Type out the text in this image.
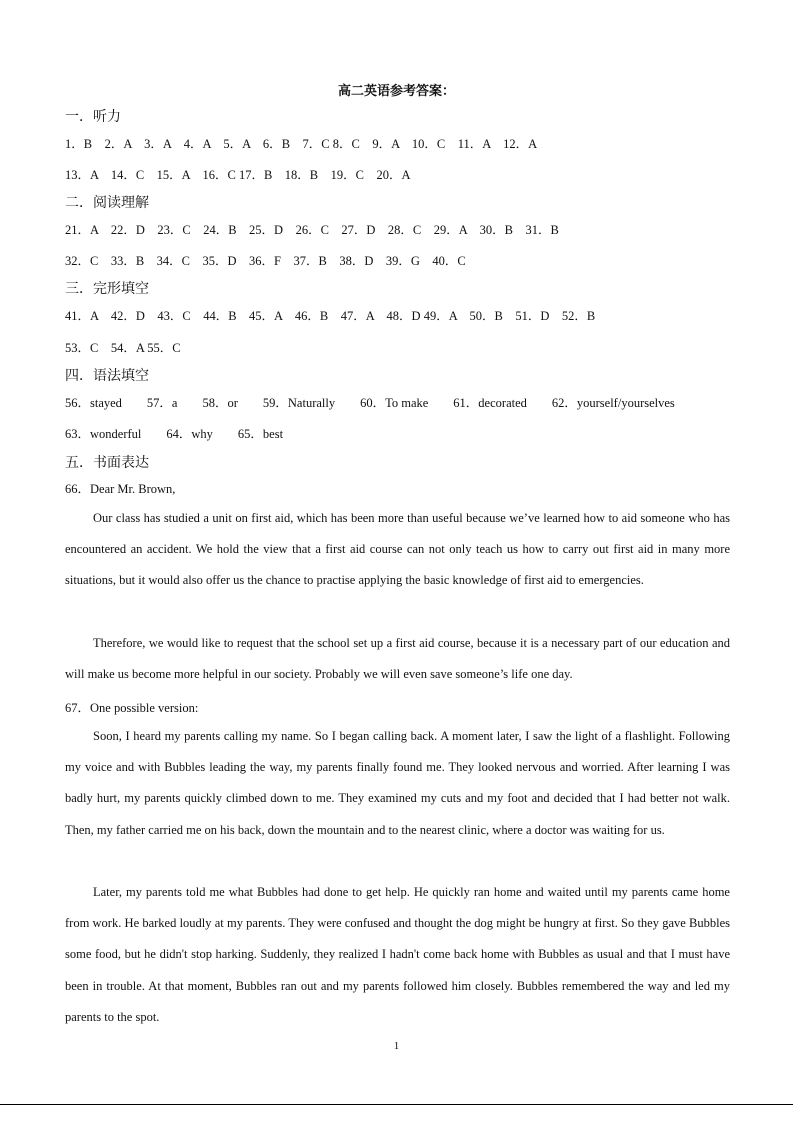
高二英语参考答案：
一．听力
1．B　2．A　3．A　4．A　5．A　6．B　7．C 8．C　9．A　10．C　11．A　12．A
13．A　14．C　15．A　16．C 17．B　18．B　19．C　20．A
二．阅读理解
21．A　22．D　23．C　24．B　25．D　26．C　27．D　28．C　29．A　30．B　31．B
32．C　33．B　34．C　35．D　36．F　37．B　38．D　39．G　40．C
三．完形填空
41．A　42．D　43．C　44．B　45．A　46．B　47．A　48．D 49．A　50．B　51．D　52．B
53．C　54．A 55．C
四．语法填空
56．stayed　　57．a　　58．or　　59．Naturally　　60．To make　　61．decorated　　62．yourself/yourselves
63．wonderful　　64．why　　65．best
五．书面表达
66．Dear Mr. Brown,
Our class has studied a unit on first aid, which has been more than useful because we’ve learned how to aid someone who has encountered an accident. We hold the view that a first aid course can not only teach us how to carry out first aid in many more situations, but it would also offer us the chance to practise applying the basic knowledge of first aid to emergencies.
Therefore, we would like to request that the school set up a first aid course, because it is a necessary part of our education and will make us become more helpful in our society. Probably we will even save someone’s life one day.
67．One possible version:
Soon, I heard my parents calling my name. So I began calling back. A moment later, I saw the light of a flashlight. Following my voice and with Bubbles leading the way, my parents finally found me. They looked nervous and worried. After learning I was badly hurt, my parents quickly climbed down to me. They examined my cuts and my foot and decided that I had better not walk. Then, my father carried me on his back, down the mountain and to the nearest clinic, where a doctor was waiting for us.
Later, my parents told me what Bubbles had done to get help. He quickly ran home and waited until my parents came home from work. He barked loudly at my parents. They were confused and thought the dog might be hungry at first. So they gave Bubbles some food, but he didn't stop harking. Suddenly, they realized I hadn't come back home with Bubbles as usual and that I must have been in trouble. At that moment, Bubbles ran out and my parents followed him closely. Bubbles remembered the way and led my parents to the spot.
1
